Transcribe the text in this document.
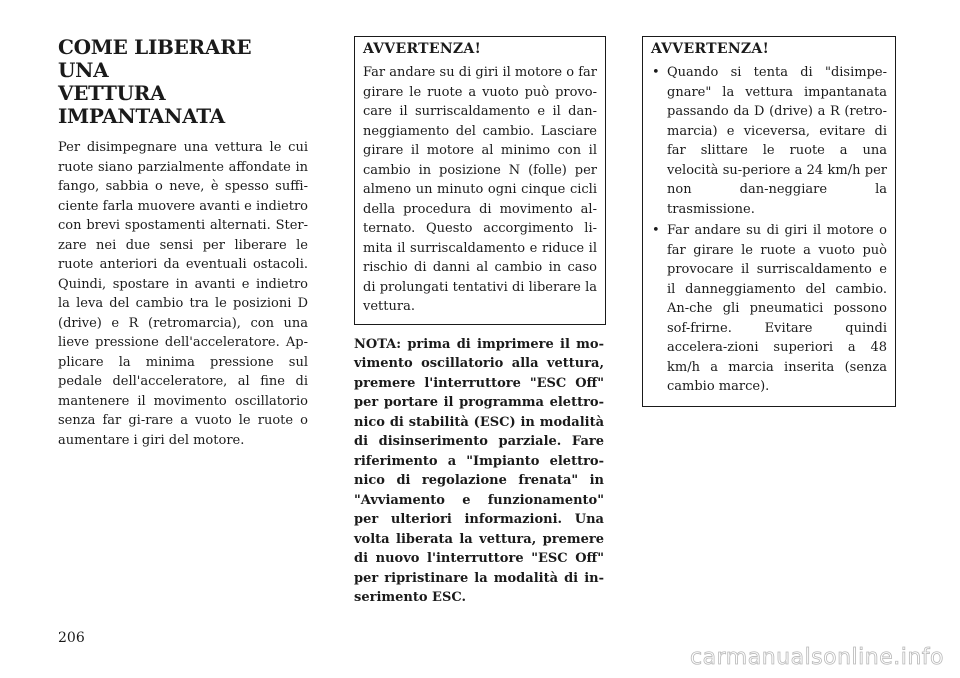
COME LIBERARE UNA
VETTURA IMPANTANATA

Per disimpegnare una vettura le cui ruote siano parzialmente affondate in fango, sabbia o neve, è spesso suffi-ciente farla muovere avanti e indietro con brevi spostamenti alternati. Ster-zare nei due sensi per liberare le ruote anteriori da eventuali ostacoli. Quindi, spostare in avanti e indietro la leva del cambio tra le posizioni D (drive) e R (retromarcia), con una lieve pressione dell'acceleratore. Ap-plicare la minima pressione sul pedale dell'acceleratore, al fine di mantenere il movimento oscillatorio senza far gi-rare a vuoto le ruote o aumentare i giri del motore.

AVVERTENZA!

Far andare su di giri il motore o far girare le ruote a vuoto può provo-care il surriscaldamento e il dan-neggiamento del cambio. Lasciare girare il motore al minimo con il cambio in posizione N (folle) per almeno un minuto ogni cinque cicli della procedura di movimento al-ternato. Questo accorgimento li-mita il surriscaldamento e riduce il rischio di danni al cambio in caso di prolungati tentativi di liberare la vettura.

NOTA: prima di imprimere il mo-vimento oscillatorio alla vettura, premere l'interruttore "ESC Off" per portare il programma elettro-nico di stabilità (ESC) in modalità di disinserimento parziale. Fare riferimento a "Impianto elettro-nico di regolazione frenata" in "Avviamento e funzionamento" per ulteriori informazioni. Una volta liberata la vettura, premere di nuovo l'interruttore "ESC Off" per ripristinare la modalità di in-serimento ESC.

AVVERTENZA!
• Quando si tenta di "disimpe-gnare" la vettura impantanata passando da D (drive) a R (retro-marcia) e viceversa, evitare di far slittare le ruote a una velocità su-periore a 24 km/h per non dan-neggiare la trasmissione.
• Far andare su di giri il motore o far girare le ruote a vuoto può provocare il surriscaldamento e il danneggiamento del cambio. An-che gli pneumatici possono sof-frirne. Evitare quindi accelera-zioni superiori a 48 km/h a marcia inserita (senza cambio marce).
206
carmanualsonline.info
